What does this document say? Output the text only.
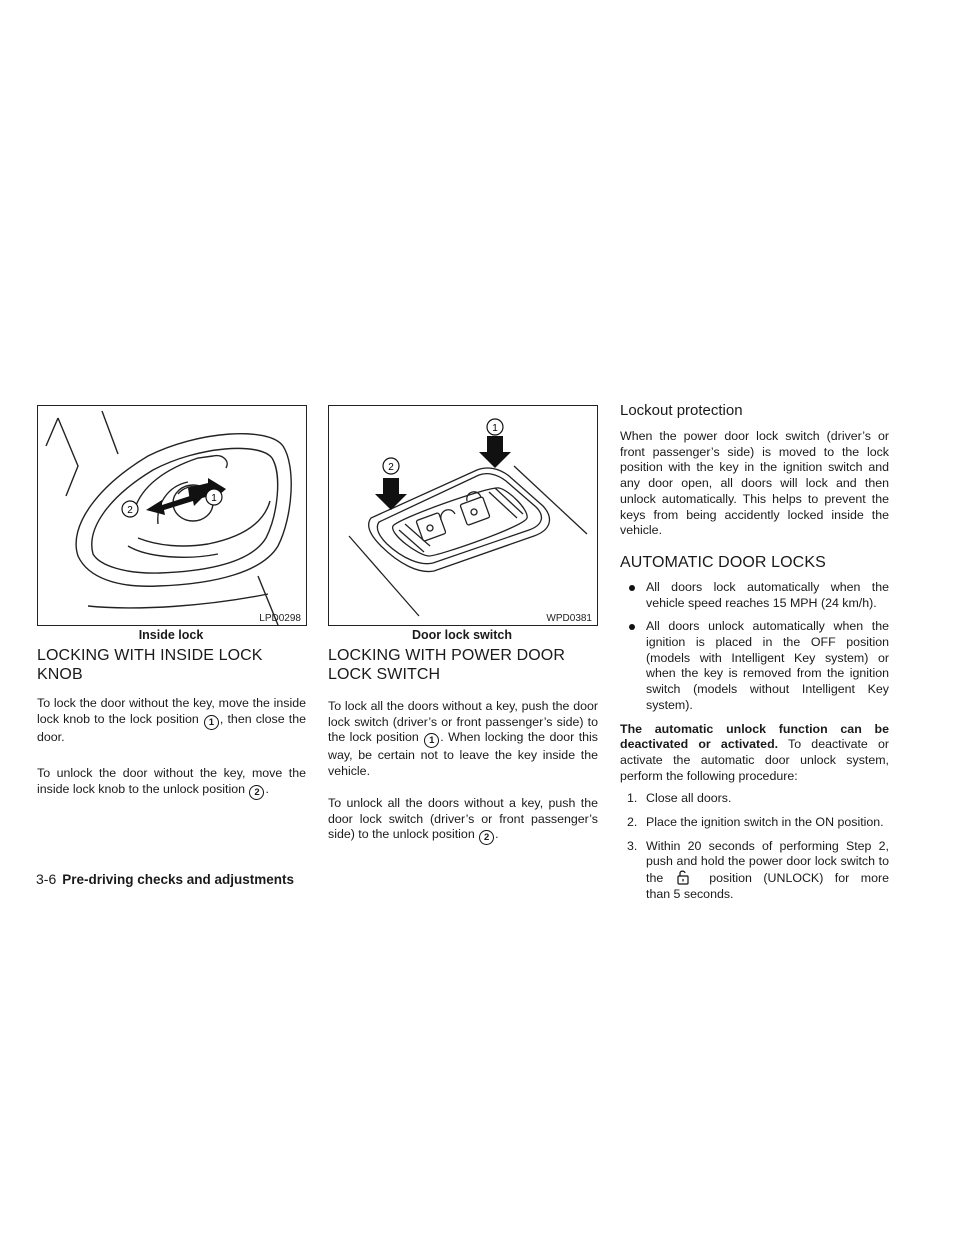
2
1
LPD0298
Inside lock
LOCKING WITH INSIDE LOCK KNOB

To lock the door without the key, move the inside lock knob to the lock position 1 , then close the door.

To unlock the door without the key, move the inside lock knob to the unlock position 2 .

1
2
WPD0381
Door lock switch
LOCKING WITH POWER DOOR LOCK SWITCH

To lock all the doors without a key, push the door lock switch (driver’s or front passenger’s side) to the lock position 1 . When locking the door this way, be certain not to leave the key inside the vehicle.

To unlock all the doors without a key, push the door lock switch (driver’s or front passenger’s side) to the unlock position 2 .

Lockout protection

When the power door lock switch (driver’s or front passenger’s side) is moved to the lock position with the key in the ignition switch and any door open, all doors will lock and then unlock automatically. This helps to prevent the keys from being accidently locked inside the vehicle.

AUTOMATIC DOOR LOCKS
All doors lock automatically when the vehicle speed reaches 15 MPH (24 km/h).
All doors unlock automatically when the ignition is placed in the OFF position (models with Intelligent Key system) or when the key is removed from the ignition switch (models without Intelligent Key system).

The automatic unlock function can be deactivated or activated. To deactivate or activate the automatic door unlock system, perform the following procedure:

1. Close all doors.
2. Place the ignition switch in the ON position.
3. Within 20 seconds of performing Step 2, push and hold the power door lock switch to the	position (UNLOCK) for more than 5 seconds.
3-6 Pre-driving checks and adjustments
